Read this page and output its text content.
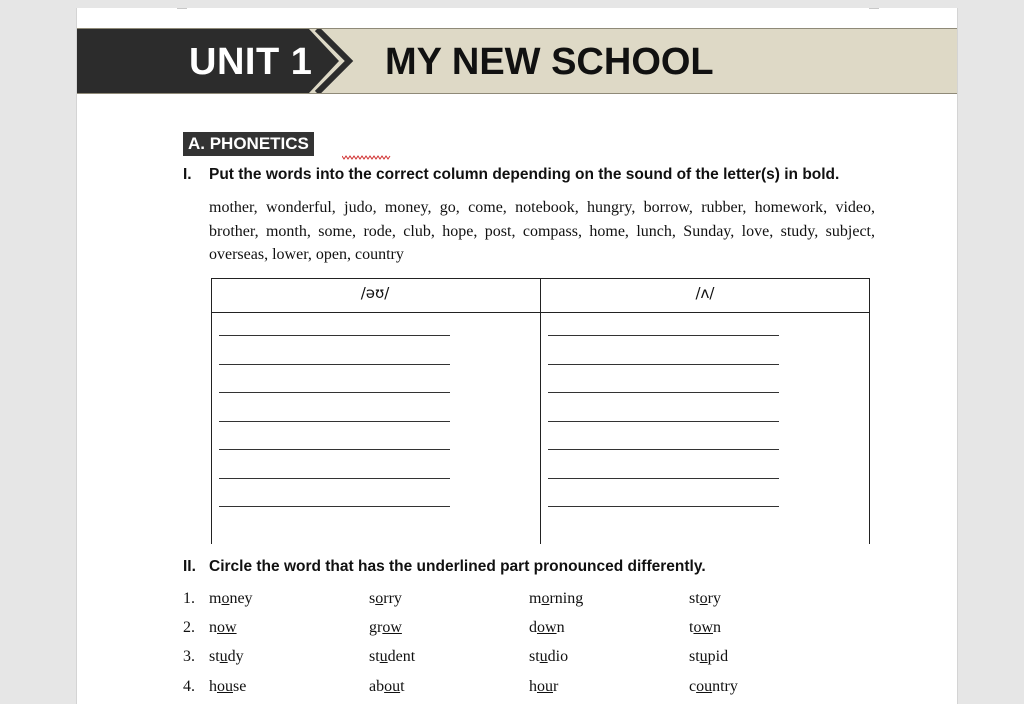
UNIT 1 MY NEW SCHOOL
A. PHONETICS
I. Put the words into the correct column depending on the sound of the letter(s) in bold.
mother, wonderful, judo, money, go, come, notebook, hungry, borrow, rubber, homework, video, brother, month, some, rode, club, hope, post, compass, home, lunch, Sunday, love, study, subject, overseas, lower, open, country
/əʊ/	/ʌ/
II. Circle the word that has the underlined part pronounced differently.
1. money	sorry	morning	story
2. now	grow	down	town
3. study	student	studio	stupid
4. house	about	hour	country
